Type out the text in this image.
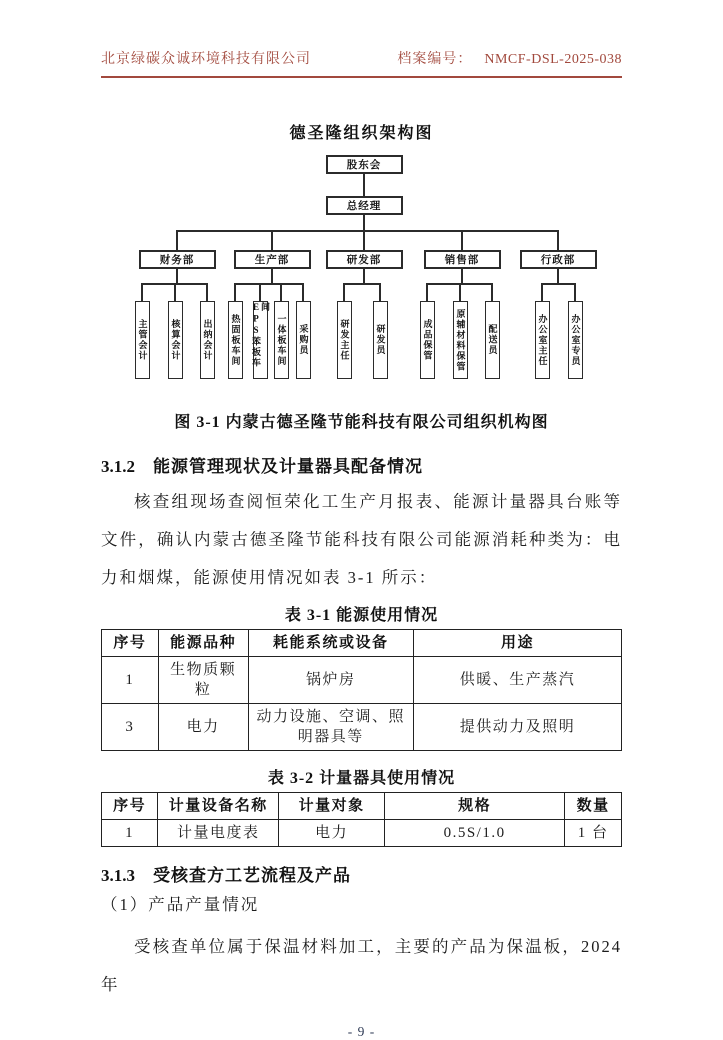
北京绿碳众诚环境科技有限公司	档案编号： NMCF-DSL-2025-038
德圣隆组织架构图
股东会
总经理
财务部
主管会计	核算会计 出纳会计
生产部
热固板车间 EPS苯板车间
一体板车间 采购员
研发部
研发主任	研发员
销售部
成品保管	原辅材料保管 配送员
行政部
办公室主任	办公室专员
图 3-1 内蒙古德圣隆节能科技有限公司组织机构图
3.1.2 能源管理现状及计量器具配备情况
核查组现场查阅恒荣化工生产月报表、能源计量器具台账等文件，确认内蒙古德圣隆节能科技有限公司能源消耗种类为：电力和烟煤，能源使用情况如表 3-1 所示：
表 3-1 能源使用情况
序号	能源品种	耗能系统或设备	用途
1	生物质颗粒	锅炉房	供暖、生产蒸汽
3	电力	动力设施、空调、照明器具等	提供动力及照明
表 3-2 计量器具使用情况
序号	计量设备名称	计量对象	规格	数量
1	计量电度表	电力	0.5S/1.0	1 台
3.1.3 受核查方工艺流程及产品
（1）产品产量情况
受核查单位属于保温材料加工，主要的产品为保温板，2024 年
- 9 -
